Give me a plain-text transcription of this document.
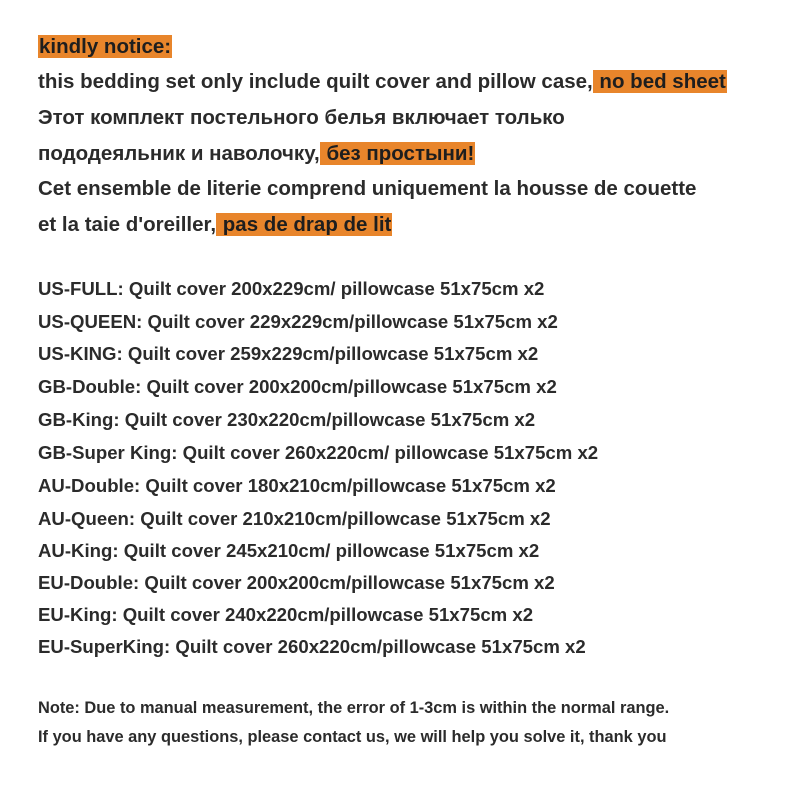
kindly notice:
this bedding set only include quilt cover and pillow case, no bed sheet
Этот комплект постельного белья включает только
пододеяльник и наволочку, без простыни!
Cet ensemble de literie comprend uniquement la housse de couette
et la taie d'oreiller, pas de drap de lit
US-FULL: Quilt cover 200x229cm/ pillowcase 51x75cm x2
US-QUEEN: Quilt cover 229x229cm/pillowcase 51x75cm x2
US-KING: Quilt cover 259x229cm/pillowcase 51x75cm x2
GB-Double: Quilt cover 200x200cm/pillowcase 51x75cm x2
GB-King: Quilt cover 230x220cm/pillowcase 51x75cm x2
GB-Super King: Quilt cover 260x220cm/ pillowcase 51x75cm x2
AU-Double: Quilt cover 180x210cm/pillowcase 51x75cm x2
AU-Queen: Quilt cover 210x210cm/pillowcase 51x75cm x2
AU-King: Quilt cover 245x210cm/ pillowcase 51x75cm x2
EU-Double: Quilt cover 200x200cm/pillowcase 51x75cm x2
EU-King: Quilt cover 240x220cm/pillowcase 51x75cm x2
EU-SuperKing: Quilt cover 260x220cm/pillowcase 51x75cm x2
Note: Due to manual measurement, the error of 1-3cm is within the normal range.
If you have any questions, please contact us, we will help you solve it, thank you
